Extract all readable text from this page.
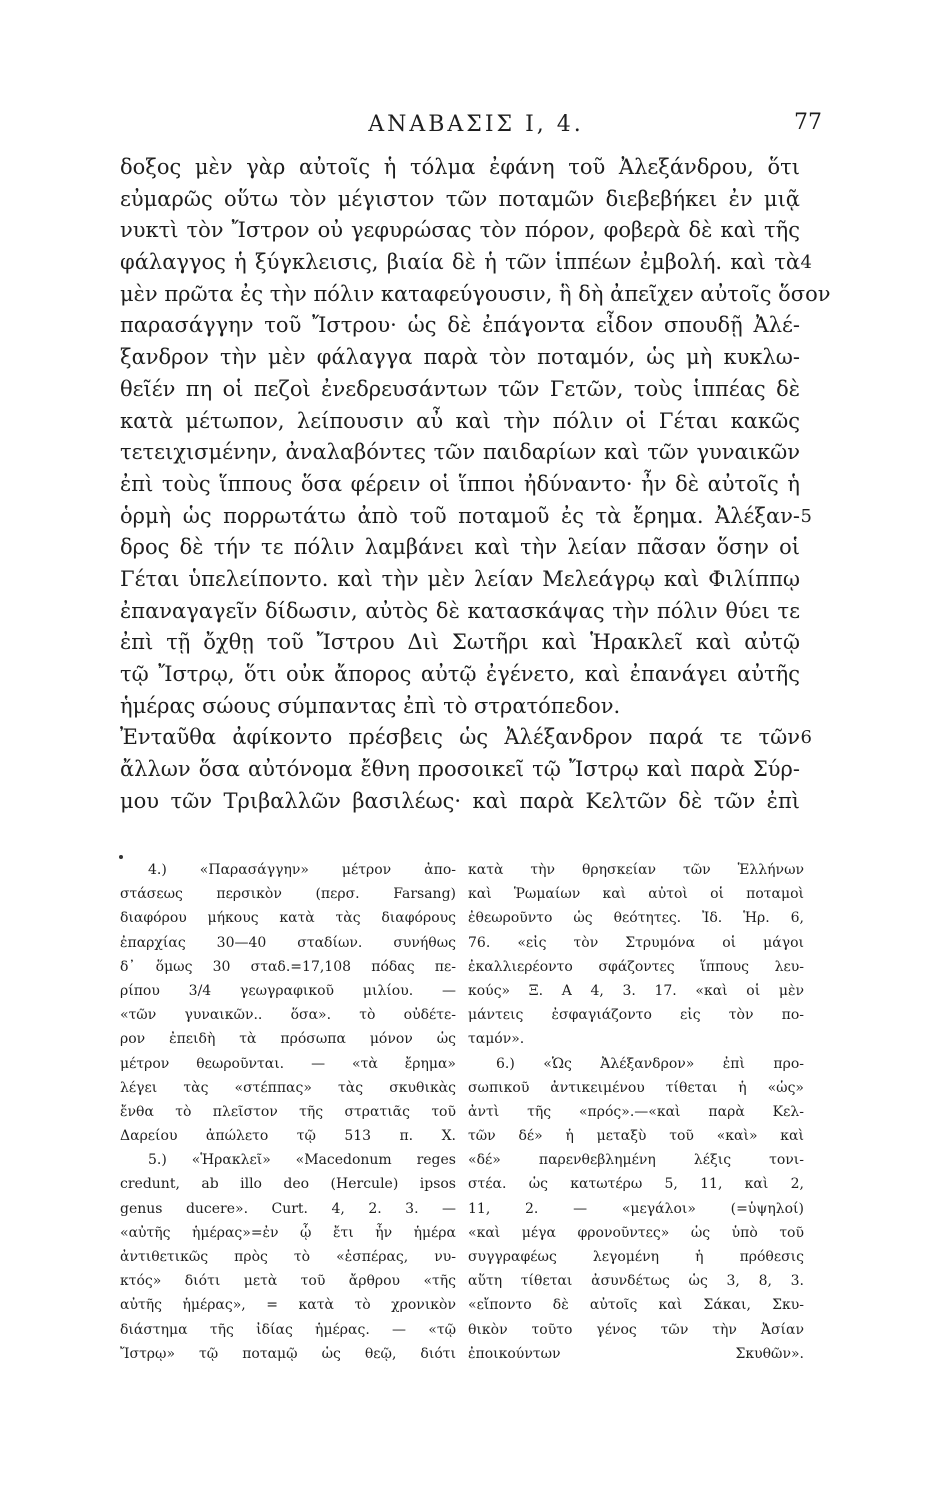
ΑΝΑΒΑΣΙΣ Ι, 4.	77
δοξος μὲν γὰρ αὐτοῖς ἡ τόλμα ἐφάνη τοῦ Ἀλεξάνδρου, ὅτι
εὐμαρῶς οὕτω τὸν μέγιστον τῶν ποταμῶν διεβεβήκει ἐν μιᾷ
νυκτὶ τὸν Ἴστρον οὐ γεφυρώσας τὸν πόρον, φοβερὰ δὲ καὶ τῆς
φάλαγγος ἡ ξύγκλεισις, βιαία δὲ ἡ τῶν ἱππέων ἐμβολή. καὶ τὰ 4
μὲν πρῶτα ἐς τὴν πόλιν καταφεύγουσιν, ἣ δὴ ἀπεῖχεν αὐτοῖς ὅσον
παρασάγγην τοῦ Ἴστρου· ὡς δὲ ἐπάγοντα εἶδον σπουδῇ Ἀλέ-
ξανδρον τὴν μὲν φάλαγγα παρὰ τὸν ποταμόν, ὡς μὴ κυκλω-
θεῖέν πη οἱ πεζοὶ ἐνεδρευσάντων τῶν Γετῶν, τοὺς ἱππέας δὲ
κατὰ μέτωπον, λείπουσιν αὖ καὶ τὴν πόλιν οἱ Γέται κακῶς
τετειχισμένην, ἀναλαβόντες τῶν παιδαρίων καὶ τῶν γυναικῶν
ἐπὶ τοὺς ἵππους ὅσα φέρειν οἱ ἵπποι ἠδύναντο· ἦν δὲ αὐτοῖς ἡ
ὁρμὴ ὡς πορρωτάτω ἀπὸ τοῦ ποταμοῦ ἐς τὰ ἔρημα. Ἀλέξαν- 5
δρος δὲ τήν τε πόλιν λαμβάνει καὶ τὴν λείαν πᾶσαν ὅσην οἱ
Γέται ὑπελείποντο. καὶ τὴν μὲν λείαν Μελεάγρῳ καὶ Φιλίππῳ
ἐπαναγαγεῖν δίδωσιν, αὐτὸς δὲ κατασκάψας τὴν πόλιν θύει τε
ἐπὶ τῇ ὄχθῃ τοῦ Ἴστρου Διὶ Σωτῆρι καὶ Ἡρακλεῖ καὶ αὐτῷ
τῷ Ἴστρῳ, ὅτι οὐκ ἄπορος αὐτῷ ἐγένετο, καὶ ἐπανάγει αὐτῆς
ἡμέρας σώους σύμπαντας ἐπὶ τὸ στρατόπεδον.
Ἐνταῦθα ἀφίκοντο πρέσβεις ὡς Ἀλέξανδρον παρά τε τῶν 6
ἄλλων ὅσα αὐτόνομα ἔθνη προσοικεῖ τῷ Ἴστρῳ καὶ παρὰ Σύρ-
μου τῶν Τριβαλλῶν βασιλέως· καὶ παρὰ Κελτῶν δὲ τῶν ἐπὶ
4.) «Παρασάγγην» μέτρον ἀπο-
στάσεως περσικὸν (περσ. Farsang)
διαφόρου μήκους κατὰ τὰς διαφόρους
ἐπαρχίας 30—40 σταδίων. συνήθως
δ᾽ ὅμως 30 σταδ.=17,108 πόδας πε-
ρίπου 3/4 γεωγραφικοῦ μιλίου. —
«τῶν γυναικῶν.. ὅσα». τὸ οὐδέτε-
ρον ἐπειδὴ τὰ πρόσωπα μόνον ὡς
μέτρον θεωροῦνται. — «τὰ ἔρημα»
λέγει τὰς «στέππας» τὰς σκυθικὰς
ἔνθα τὸ πλεῖστον τῆς στρατιᾶς τοῦ
Δαρείου ἀπώλετο τῷ 513 π. Χ.
5.) «Ἡρακλεῖ» «Macedonum reges
credunt, ab illo deo (Hercule) ipsos
genus ducere». Curt. 4, 2. 3. —
«αὐτῆς ἡμέρας»=ἐν ᾧ ἔτι ἦν ἡμέρα
ἀντιθετικῶς πρὸς τὸ «ἑσπέρας, νυ-
κτός» διότι μετὰ τοῦ ἄρθρου «τῆς
αὐτῆς ἡμέρας», = κατὰ τὸ χρονικὸν
διάστημα τῆς ἰδίας ἡμέρας. — «τῷ
Ἴστρῳ» τῷ ποταμῷ ὡς θεῷ, διότι
κατὰ τὴν θρησκείαν τῶν Ἑλλήνων
καὶ Ῥωμαίων καὶ αὐτοὶ οἱ ποταμοὶ
ἐθεωροῦντο ὡς θεότητες. Ἰδ. Ἡρ. 6,
76. «εἰς τὸν Στρυμόνα οἱ μάγοι
ἐκαλλιερέοντο σφάζοντες ἵππους λευ-
κούς» Ξ. Α 4, 3. 17. «καὶ οἱ μὲν
μάντεις ἐσφαγιάζοντο εἰς τὸν πο-
ταμόν».
6.) «Ὡς Ἀλέξανδρον» ἐπὶ προ-
σωπικοῦ ἀντικειμένου τίθεται ἡ «ὡς»
ἀντὶ τῆς «πρός».—«καὶ παρὰ Κελ-
τῶν δέ» ἡ μεταξὺ τοῦ «καὶ» καὶ
«δέ» παρενθεβλημένη λέξις τονι-
στέα. ὡς κατωτέρω 5, 11, καὶ 2,
11, 2. — «μεγάλοι» (=ὑψηλοί)
«καὶ μέγα φρονοῦντες» ὡς ὑπὸ τοῦ
συγγραφέως λεγομένη ἡ πρόθεσις
αὕτη τίθεται ἀσυνδέτως ὡς 3, 8, 3.
«εἴποντο δὲ αὐτοῖς καὶ Σάκαι, Σκυ-
θικὸν τοῦτο γένος τῶν τὴν Ἀσίαν
ἐποικούντων Σκυθῶν».
